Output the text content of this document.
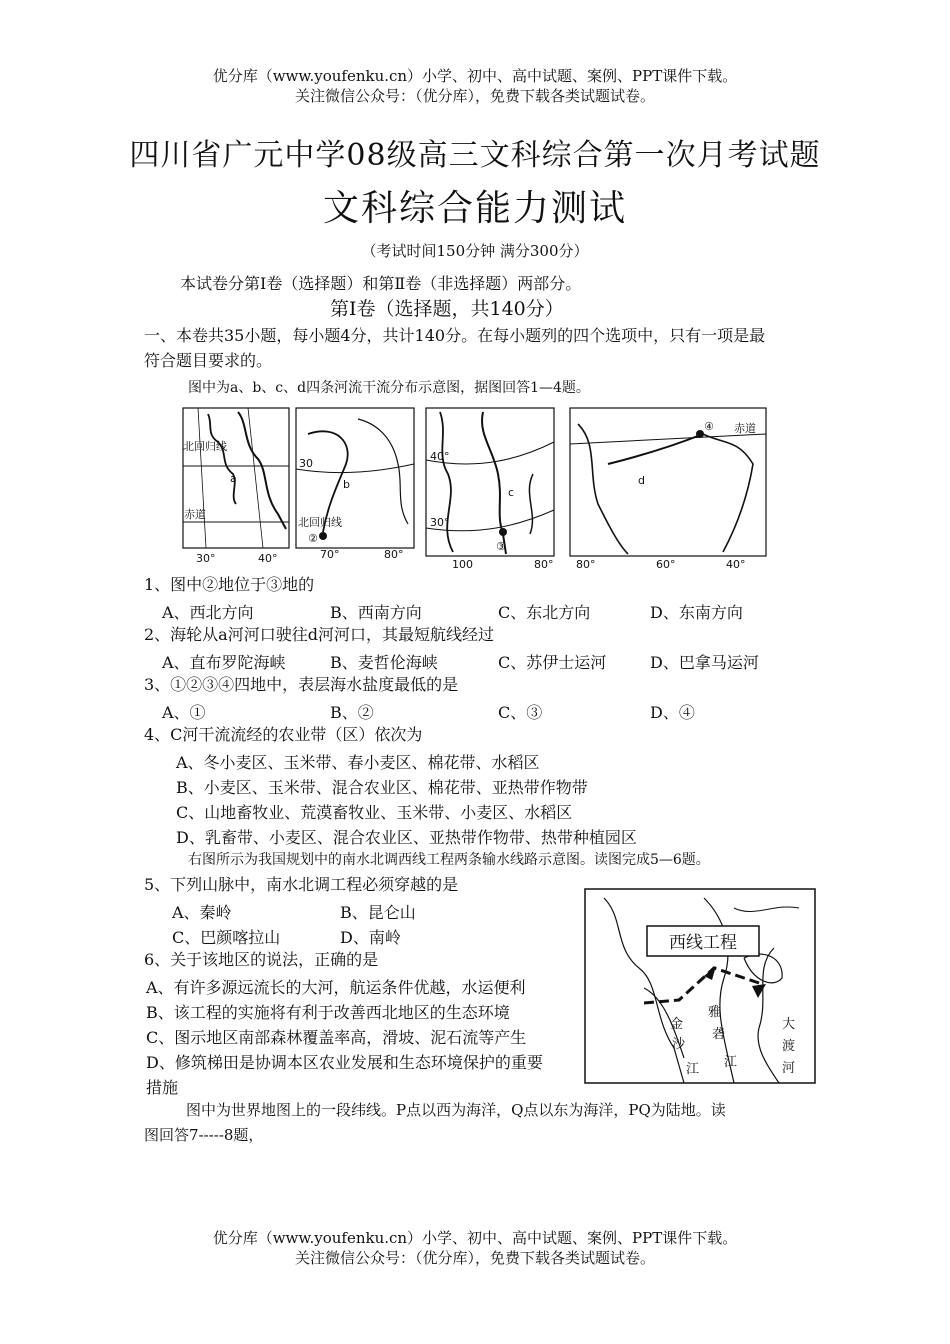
优分库（www.youfenku.cn）小学、初中、高中试题、案例、PPT课件下载。
关注微信公众号：（优分库），免费下载各类试题试卷。
四川省广元中学08级高三文科综合第一次月考试题
文科综合能力测试
（考试时间150分钟 满分300分）
本试卷分第Ⅰ卷（选择题）和第Ⅱ卷（非选择题）两部分。
第Ⅰ卷（选择题，共140分）
一、本卷共35小题，每小题4分，共计140分。在每小题列的四个选项中，只有一项是最
符合题目要求的。
图中为a、b、c、d四条河流干流分布示意图，据图回答1—4题。
北回归线
a
赤道
30°	40°
30
b
北回归线
②
70°	80°
40°
30°
c
③
100	80°
④ 赤道
d
80°	60°	40°
1、图中②地位于③地的
A、西北方向	B、西南方向	C、东北方向	D、东南方向
2、海轮从a河河口驶往d河河口，其最短航线经过
A、直布罗陀海峡	B、麦哲伦海峡	C、苏伊士运河	D、巴拿马运河
3、①②③④四地中，表层海水盐度最低的是
A、①	B、②	C、③	D、④
4、C河干流流经的农业带（区）依次为
A、冬小麦区、玉米带、春小麦区、棉花带、水稻区
B、小麦区、玉米带、混合农业区、棉花带、亚热带作物带
C、山地畜牧业、荒漠畜牧业、玉米带、小麦区、水稻区
D、乳畜带、小麦区、混合农业区、亚热带作物带、热带种植园区
右图所示为我国规划中的南水北调西线工程两条输水线路示意图。读图完成5—6题。
5、下列山脉中，南水北调工程必须穿越的是
A、秦岭	B、昆仑山
C、巴颜喀拉山	D、南岭
6、关于该地区的说法，正确的是
A、有许多源远流长的大河，航运条件优越，水运便利
B、该工程的实施将有利于改善西北地区的生态环境
C、图示地区南部森林覆盖率高，滑坡、泥石流等产生
D、修筑梯田是协调本区农业发展和生态环境保护的重要
措施
西线工程
金
沙
江
雅
砻
江
大
渡
河
图中为世界地图上的一段纬线。P点以西为海洋，Q点以东为海洋，PQ为陆地。读
图回答7-----8题，
优分库（www.youfenku.cn）小学、初中、高中试题、案例、PPT课件下载。
关注微信公众号：（优分库），免费下载各类试题试卷。
